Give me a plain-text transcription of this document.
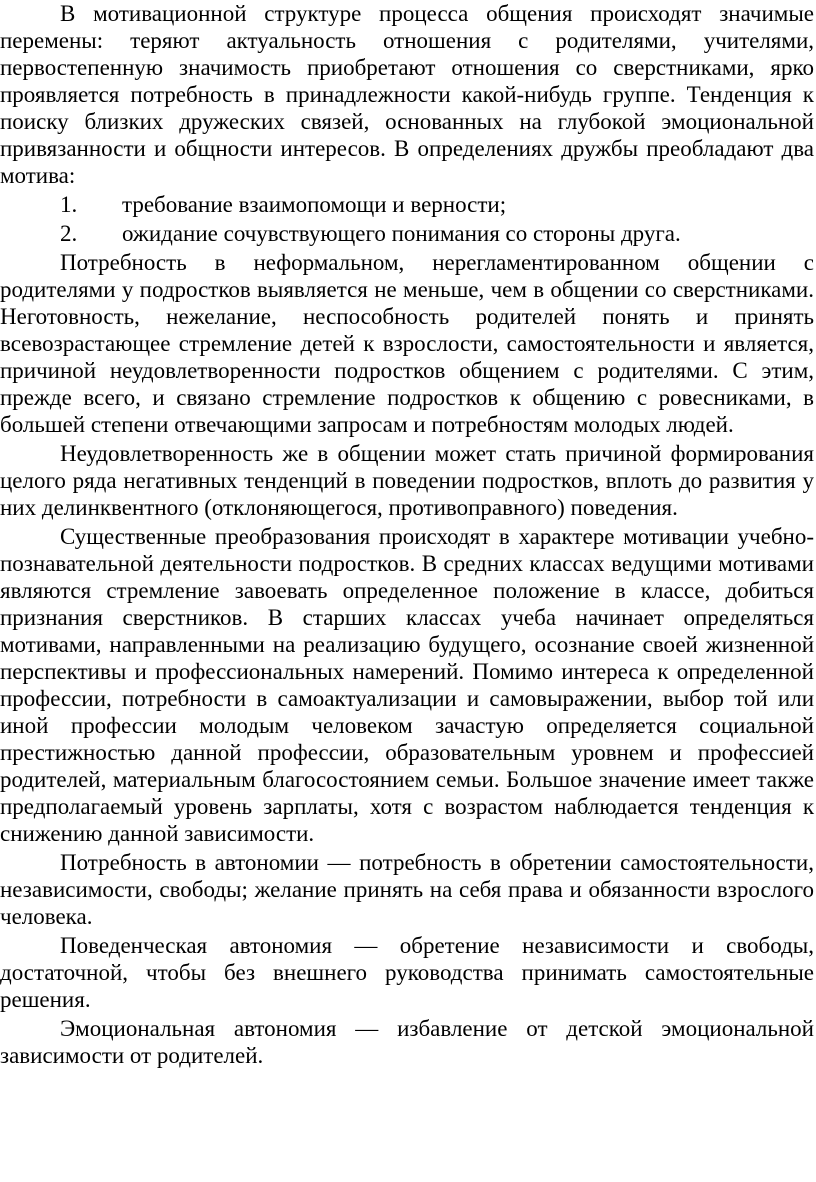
В мотивационной структуре процесса общения происходят значимые перемены: теряют актуальность отношения с родителями, учителями, первостепенную значимость приобретают отношения со сверстниками, ярко проявляется потребность в принадлежности какой-нибудь группе. Тенденция к поиску близких дружеских связей, основанных на глубокой эмоциональной привязанности и общности интересов. В определениях дружбы преобладают два мотива:

1.	требование взаимопомощи и верности;
2.	ожидание сочувствующего понимания со стороны друга.

Потребность в неформальном, нерегламентированном общении с родителями у подростков выявляется не меньше, чем в общении со сверстниками. Неготовность, нежелание, неспособность родителей понять и принять всевозрастающее стремление детей к взрослости, самостоятельности и является, причиной неудовлетворенности подростков общением с родителями. С этим, прежде всего, и связано стремление подростков к общению с ровесниками, в большей степени отвечающими запросам и потребностям молодых людей.

Неудовлетворенность же в общении может стать причиной формирования целого ряда негативных тенденций в поведении подростков, вплоть до развития у них делинквентного (отклоняющегося, противоправного) поведения.

Существенные преобразования происходят в характере мотивации учебно-познавательной деятельности подростков. В средних классах ведущими мотивами являются стремление завоевать определенное положение в классе, добиться признания сверстников. В старших классах учеба начинает определяться мотивами, направленными на реализацию будущего, осознание своей жизненной перспективы и профессиональных намерений. Помимо интереса к определенной профессии, потребности в самоактуализации и самовыражении, выбор той или иной профессии молодым человеком зачастую определяется социальной престижностью данной профессии, образовательным уровнем и профессией родителей, материальным благосостоянием семьи. Большое значение имеет также предполагаемый уровень зарплаты, хотя с возрастом наблюдается тенденция к снижению данной зависимости.

Потребность в автономии — потребность в обретении самостоятельности, независимости, свободы; желание принять на себя права и обязанности взрослого человека.

Поведенческая автономия — обретение независимости и свободы, достаточной, чтобы без внешнего руководства принимать самостоятельные решения.

Эмоциональная автономия — избавление от детской эмоциональной зависимости от родителей.
